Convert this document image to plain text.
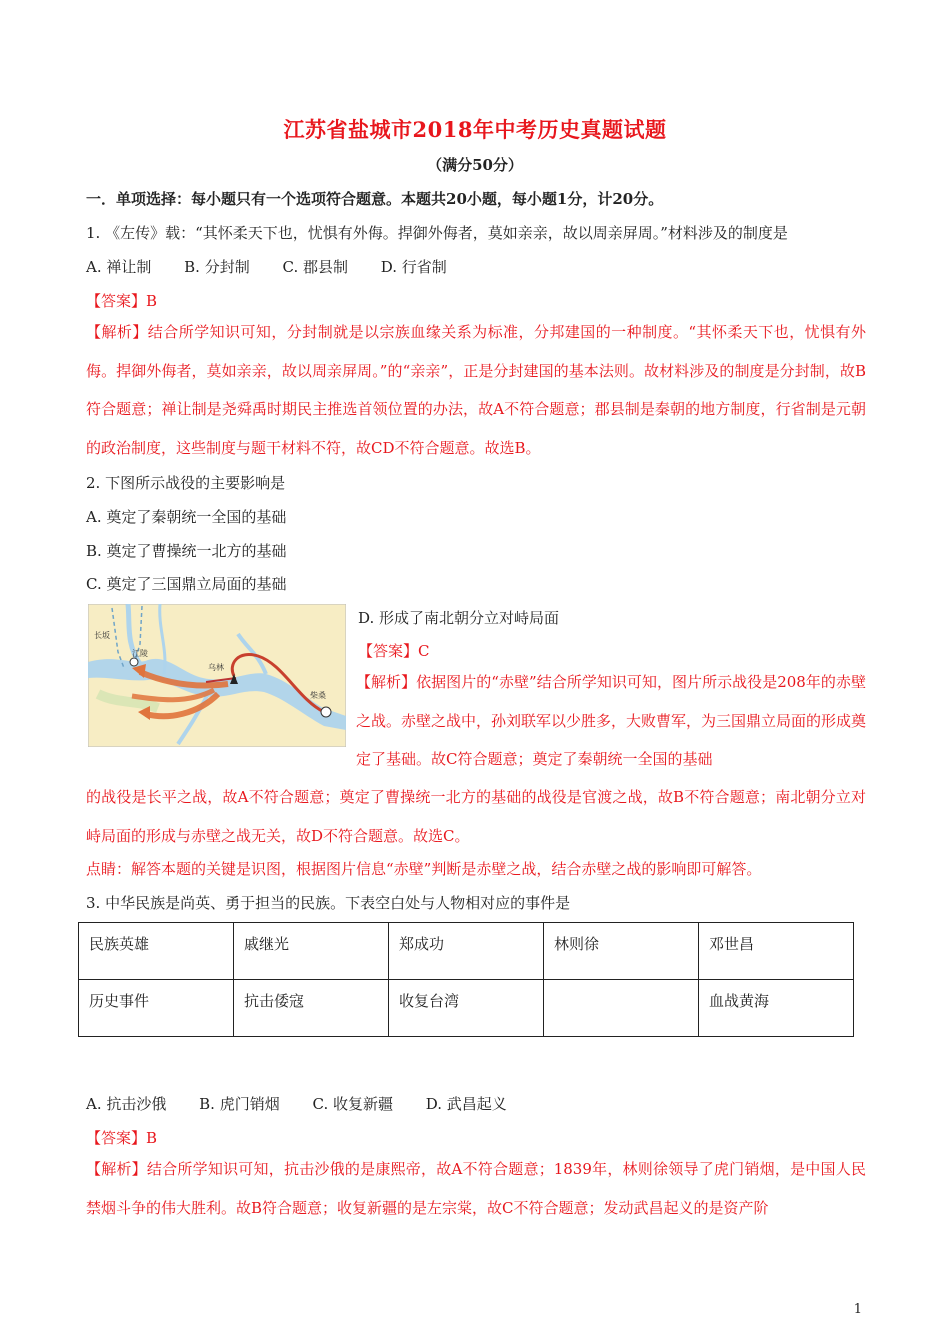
江苏省盐城市2018年中考历史真题试题
（满分50分）
一．单项选择：每小题只有一个选项符合题意。本题共20小题，每小题1分，计20分。
1. 《左传》载：“其怀柔天下也，忧惧有外侮。捍御外侮者，莫如亲亲，故以周亲屏周。”材料涉及的制度是
A. 禅让制 B. 分封制 C. 郡县制 D. 行省制
【答案】B
【解析】结合所学知识可知，分封制就是以宗族血缘关系为标准，分邦建国的一种制度。“其怀柔天下也，忧惧有外侮。捍御外侮者，莫如亲亲，故以周亲屏周。”的“亲亲”，正是分封建国的基本法则。故材料涉及的制度是分封制，故B符合题意；禅让制是尧舜禹时期民主推选首领位置的办法，故A不符合题意；郡县制是秦朝的地方制度，行省制是元朝的政治制度，这些制度与题干材料不符，故CD不符合题意。故选B。
2. 下图所示战役的主要影响是
A. 奠定了秦朝统一全国的基础
B. 奠定了曹操统一北方的基础
C. 奠定了三国鼎立局面的基础
长坂
江陵
乌林
柴桑
D. 形成了南北朝分立对峙局面
【答案】C
【解析】依据图片的“赤壁”结合所学知识可知，图片所示战役是208年的赤壁之战。赤壁之战中，孙刘联军以少胜多，大败曹军，为三国鼎立局面的形成奠定了基础。故C符合题意；奠定了秦朝统一全国的基础
的战役是长平之战，故A不符合题意；奠定了曹操统一北方的基础的战役是官渡之战，故B不符合题意；南北朝分立对峙局面的形成与赤壁之战无关，故D不符合题意。故选C。
点睛：解答本题的关键是识图，根据图片信息“赤壁”判断是赤壁之战，结合赤壁之战的影响即可解答。
3. 中华民族是尚英、勇于担当的民族。下表空白处与人物相对应的事件是
民族英雄	戚继光	郑成功	林则徐	邓世昌
历史事件	抗击倭寇	收复台湾		血战黄海
A. 抗击沙俄 B. 虎门销烟 C. 收复新疆 D. 武昌起义
【答案】B
【解析】结合所学知识可知，抗击沙俄的是康熙帝，故A不符合题意；1839年，林则徐领导了虎门销烟，是中国人民禁烟斗争的伟大胜利。故B符合题意；收复新疆的是左宗棠，故C不符合题意；发动武昌起义的是资产阶
1
